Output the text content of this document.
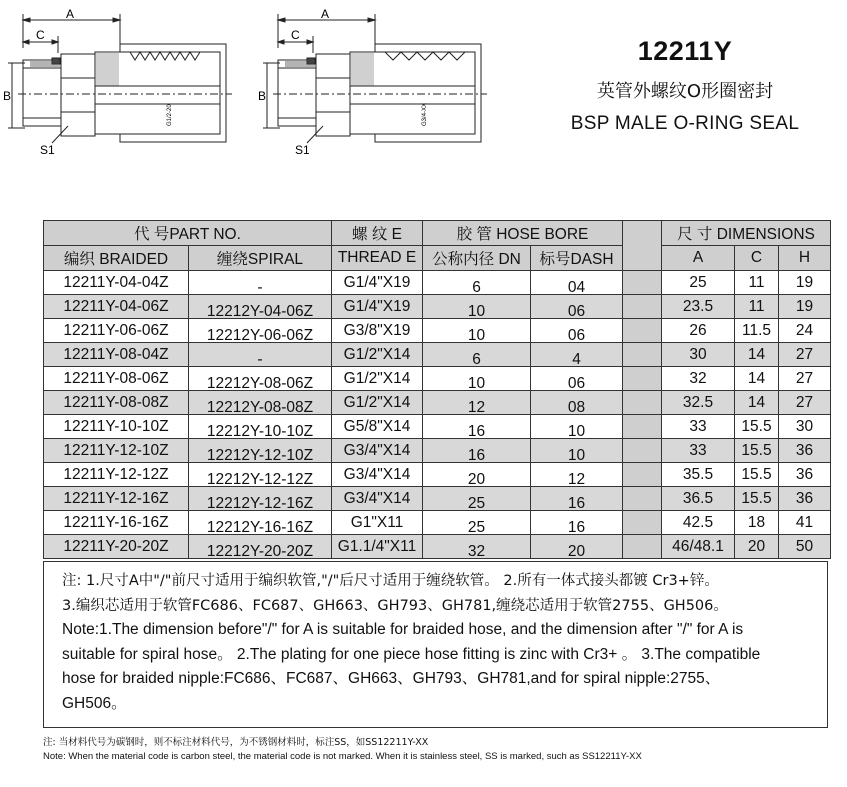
A
C
B
S1
G1/2-20
A
C
B
S1
G3/4-XX
12211Y
英管外螺纹O形圈密封
BSP MALE O-RING SEAL
代 号PART NO.		螺 纹 E	胶 管 HOSE BORE			尺 寸 DIMENSIONS		
编织 BRAIDED	缠绕SPIRAL	THREAD E	公称内径 DN	标号DASH		A	C	H
12211Y-04-04Z	-	G1/4"X19	6	04		25	11	19
12211Y-04-06Z	12212Y-04-06Z	G1/4"X19	10	06		23.5	11	19
12211Y-06-06Z	12212Y-06-06Z	G3/8"X19	10	06		26	11.5	24
12211Y-08-04Z	-	G1/2"X14	6	4		30	14	27
12211Y-08-06Z	12212Y-08-06Z	G1/2"X14	10	06		32	14	27
12211Y-08-08Z	12212Y-08-08Z	G1/2"X14	12	08		32.5	14	27
12211Y-10-10Z	12212Y-10-10Z	G5/8"X14	16	10		33	15.5	30
12211Y-12-10Z	12212Y-12-10Z	G3/4"X14	16	10		33	15.5	36
12211Y-12-12Z	12212Y-12-12Z	G3/4"X14	20	12		35.5	15.5	36
12211Y-12-16Z	12212Y-12-16Z	G3/4"X14	25	16		36.5	15.5	36
12211Y-16-16Z	12212Y-16-16Z	G1"X11	25	16		42.5	18	41
12211Y-20-20Z	12212Y-20-20Z	G1.1/4"X11	32	20		46/48.1	20	50
注: 1.尺寸A中"/"前尺寸适用于编织软管,"/"后尺寸适用于缠绕软管。 2.所有一体式接头都镀 Cr3+锌。
3.编织芯适用于软管FC686、FC687、GH663、GH793、GH781,缠绕芯适用于软管2755、GH506。
Note:1.The dimension before"/" for A is suitable for braided hose, and the dimension after "/" for A is
suitable for spiral hose。 2.The plating for one piece hose fitting is zinc with Cr3+ 。 3.The compatible
hose for braided nipple:FC686、FC687、GH663、GH793、GH781,and for spiral nipple:2755、
GH506。
注: 当材料代号为碳钢时，则不标注材料代号，为不锈钢材料时，标注SS，如SS12211Y-XX
Note: When the material code is carbon steel, the material code is not marked. When it is stainless steel, SS is marked, such as SS12211Y-XX
